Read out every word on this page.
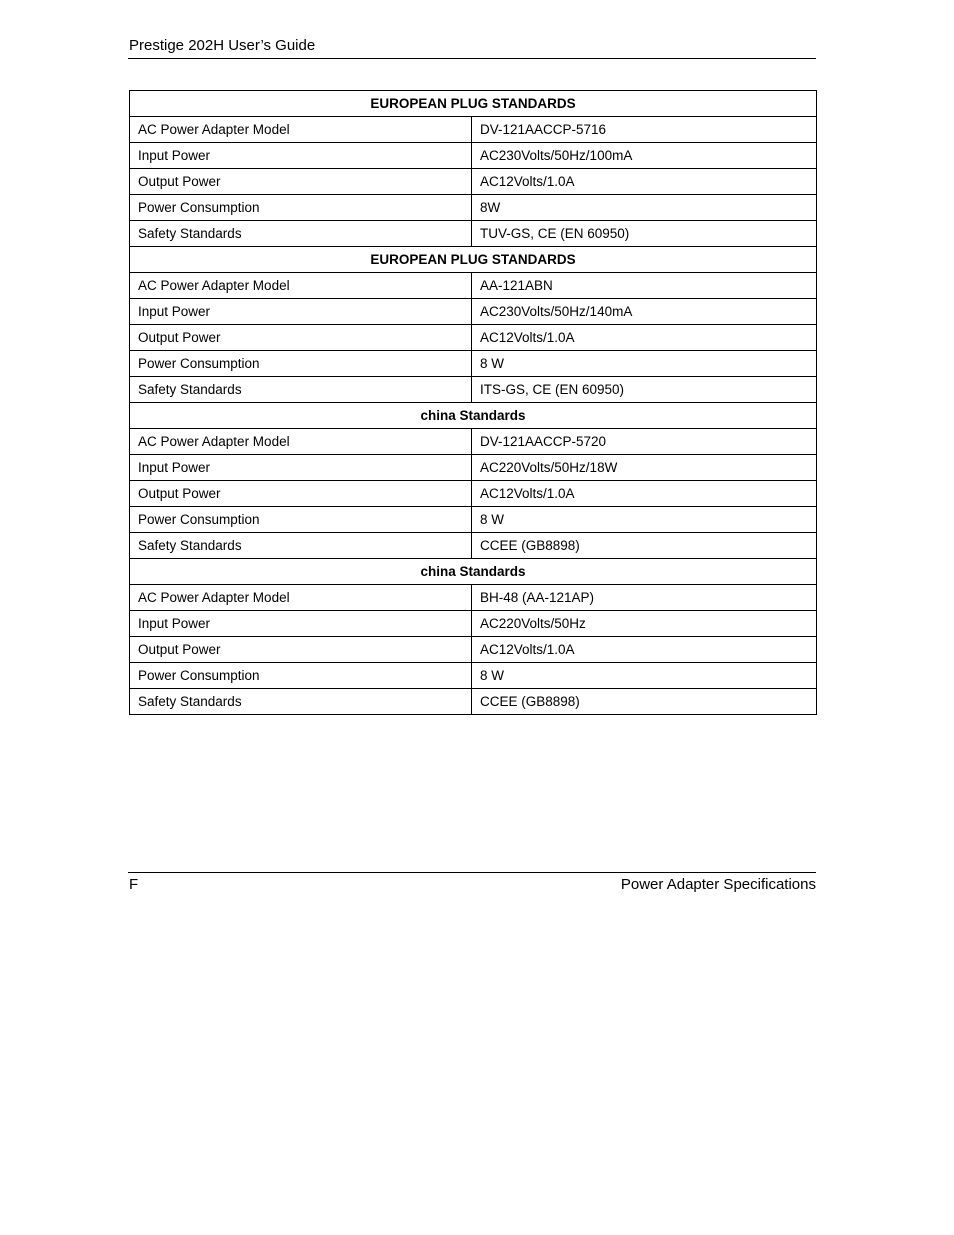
Prestige 202H User’s Guide
EUROPEAN PLUG STANDARDS	
AC Power Adapter Model	DV-121AACCP-5716
Input Power	AC230Volts/50Hz/100mA
Output Power	AC12Volts/1.0A
Power Consumption	8W
Safety Standards	TUV-GS, CE (EN 60950)
EUROPEAN PLUG STANDARDS	
AC Power Adapter Model	AA-121ABN
Input Power	AC230Volts/50Hz/140mA
Output Power	AC12Volts/1.0A
Power Consumption	8 W
Safety Standards	ITS-GS, CE (EN 60950)
china Standards	
AC Power Adapter Model	DV-121AACCP-5720
Input Power	AC220Volts/50Hz/18W
Output Power	AC12Volts/1.0A
Power Consumption	8 W
Safety Standards	CCEE (GB8898)
china Standards	
AC Power Adapter Model	BH-48 (AA-121AP)
Input Power	AC220Volts/50Hz
Output Power	AC12Volts/1.0A
Power Consumption	8 W
Safety Standards	CCEE (GB8898)
F	Power Adapter Specifications
